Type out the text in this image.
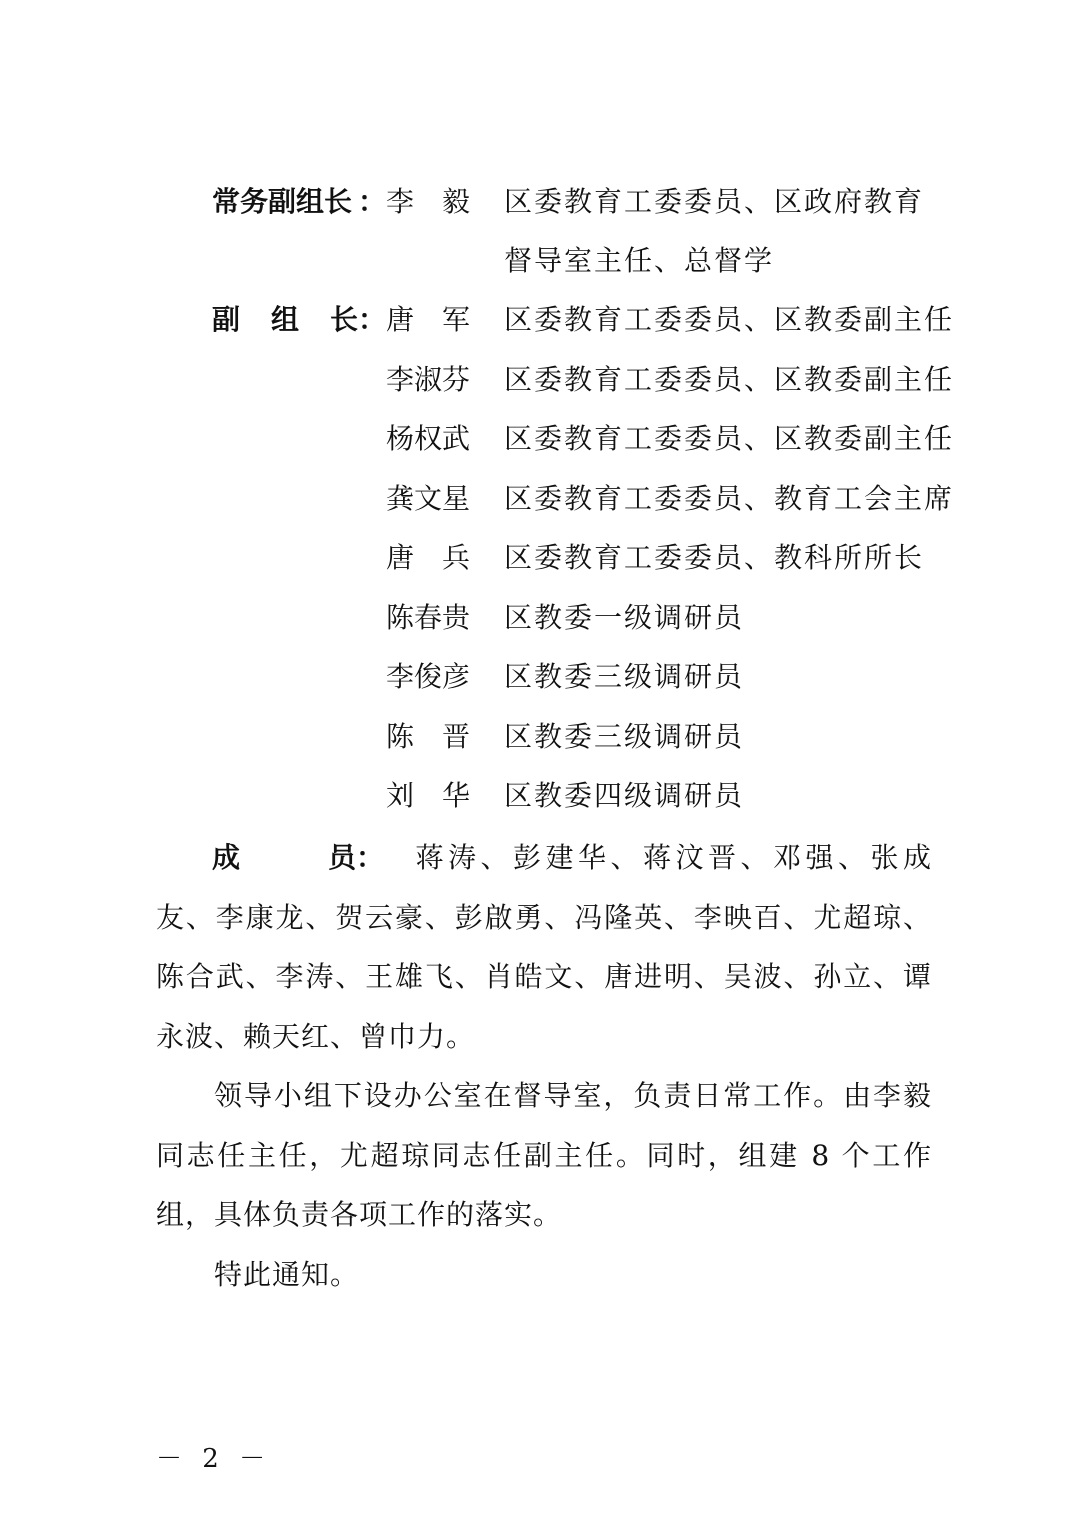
常务副组长 ： 李 毅 区委教育工委委员、区政府教育
督导室主任、总督学
副 组 长 ： 唐 军 区委教育工委委员、区教委副主任
李淑芬 区委教育工委委员、区教委副主任
杨权武 区委教育工委委员、区教委副主任
龚文星 区委教育工委委员、教育工会主席
唐 兵 区委教育工委委员、教科所所长
陈春贵 区教委一级调研员
李俊彦 区教委三级调研员
陈 晋 区教委三级调研员
刘 华 区教委四级调研员
成	员： 蒋涛、彭建华、蒋汶晋、邓强、张成友、李康龙、贺云豪、彭啟勇、冯隆英、李映百、尤超琼、陈合武、李涛、王雄飞、肖皓文、唐进明、吴波、孙立、谭永波、赖天红、曾巾力。
领导小组下设办公室在督导室，负责日常工作。由李毅同志任主任，尤超琼同志任副主任。同时，组建 8 个工作组，具体负责各项工作的落实。
特此通知。
－ 2 －
